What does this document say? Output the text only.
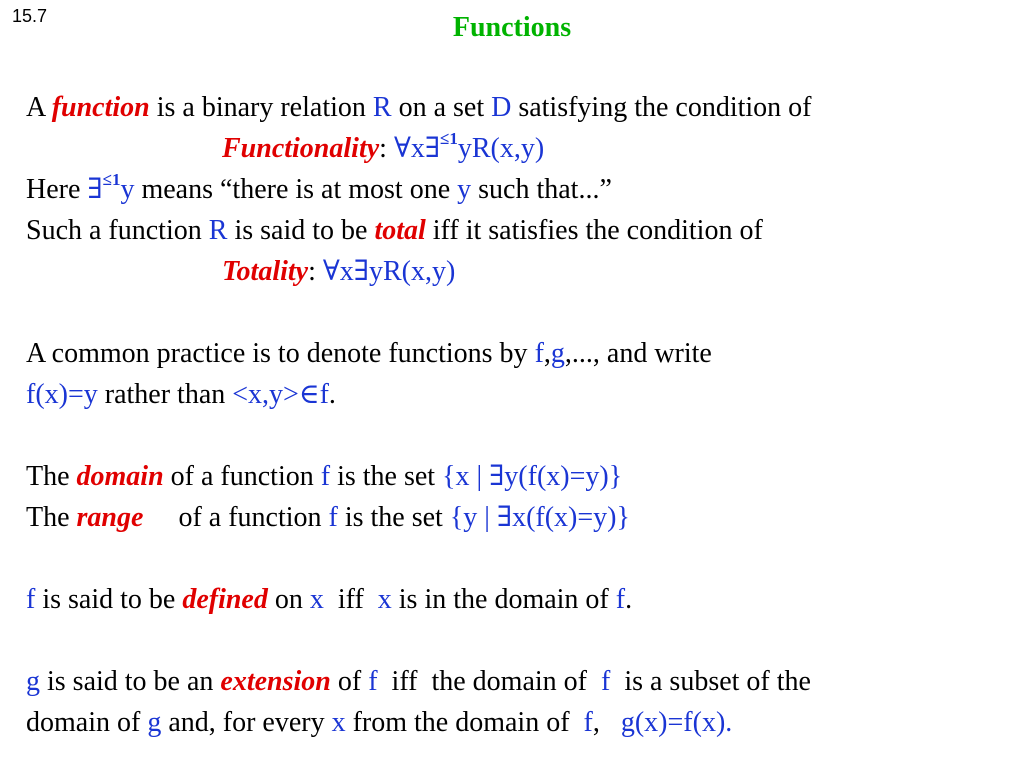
15.7	Functions
A function is a binary relation R on a set D satisfying the condition of
Functionality: ∀x∃$^{\le 1}$yR(x,y)
Here ∃$^{\le 1}$y means “there is at most one y such that...”
Such a function R is said to be total iff it satisfies the condition of
Totality: ∀x∃yR(x,y)
A common practice is to denote functions by f,g,..., and write
f(x)=y rather than <x,y>∈f.
The domain of a function f is the set {x | ∃y(f(x)=y)}
The range     of a function f is the set {y | ∃x(f(x)=y)}
f is said to be defined on x  iff  x is in the domain of f.
g is said to be an extension of f  iff  the domain of  f  is a subset of the
domain of g and, for every x from the domain of  f,   g(x)=f(x).
